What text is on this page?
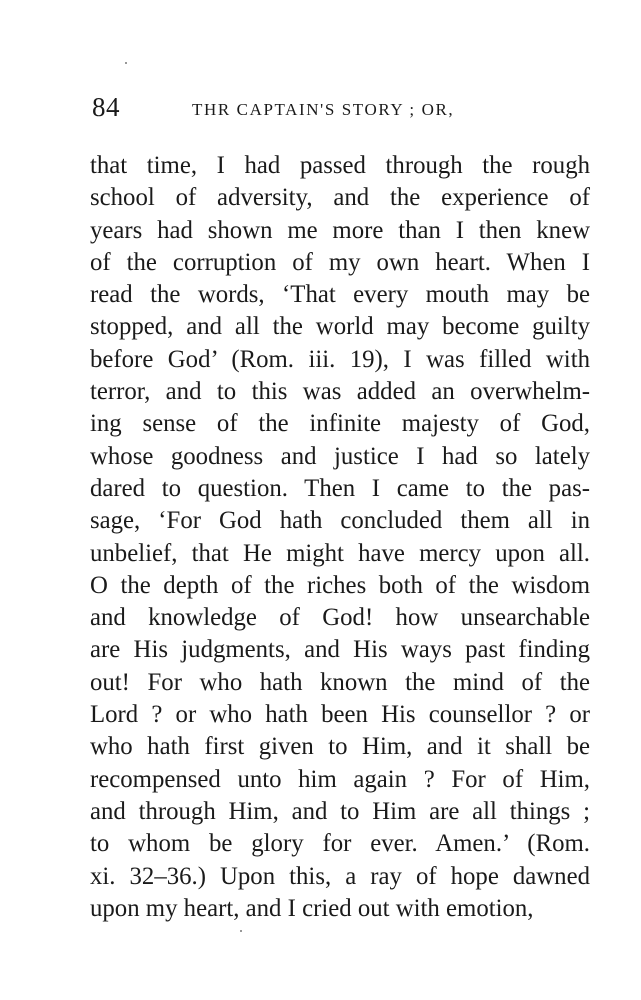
84	THR CAPTAIN'S STORY ; OR,
that time, I had passed through the rough
school of adversity, and the experience of
years had shown me more than I then knew
of the corruption of my own heart. When I
read the words, ‘That every mouth may be
stopped, and all the world may become guilty
before God’ (Rom. iii. 19), I was filled with
terror, and to this was added an overwhelm-
ing sense of the infinite majesty of God,
whose goodness and justice I had so lately
dared to question. Then I came to the pas-
sage, ‘For God hath concluded them all in
unbelief, that He might have mercy upon all.
O the depth of the riches both of the wisdom
and knowledge of God! how unsearchable
are His judgments, and His ways past finding
out! For who hath known the mind of the
Lord ? or who hath been His counsellor ? or
who hath first given to Him, and it shall be
recompensed unto him again ? For of Him,
and through Him, and to Him are all things ;
to whom be glory for ever. Amen.’ (Rom.
xi. 32–36.) Upon this, a ray of hope dawned
upon my heart, and I cried out with emotion,
